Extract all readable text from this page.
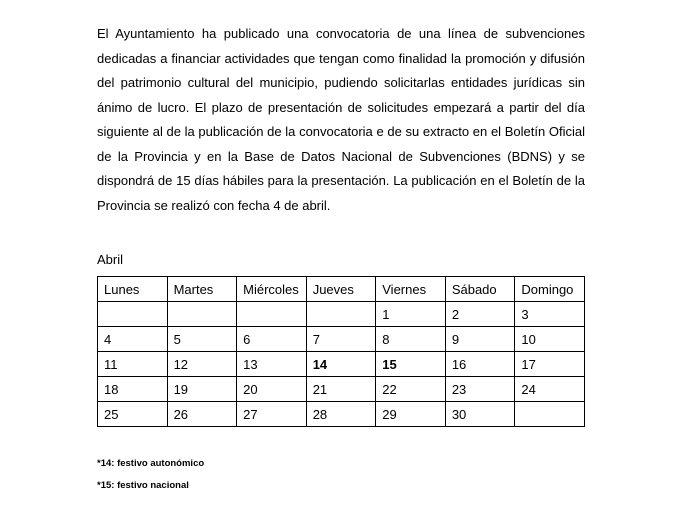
El Ayuntamiento ha publicado una convocatoria de una línea de subvenciones dedicadas a financiar actividades que tengan como finalidad la promoción y difusión del patrimonio cultural del municipio, pudiendo solicitarlas entidades jurídicas sin ánimo de lucro. El plazo de presentación de solicitudes empezará a partir del día siguiente al de la publicación de la convocatoria e de su extracto en el Boletín Oficial de la Provincia y en la Base de Datos Nacional de Subvenciones (BDNS) y se dispondrá de 15 días hábiles para la presentación. La publicación en el Boletín de la Provincia se realizó con fecha 4 de abril.

Abril
Lunes	Martes	Miércoles	Jueves	Viernes	Sábado	Domingo
				1	2	3
4	5	6	7	8	9	10
11	12	13	14	15	16	17
18	19	20	21	22	23	24
25	26	27	28	29	30	
*14: festivo autonómico
*15: festivo nacional
